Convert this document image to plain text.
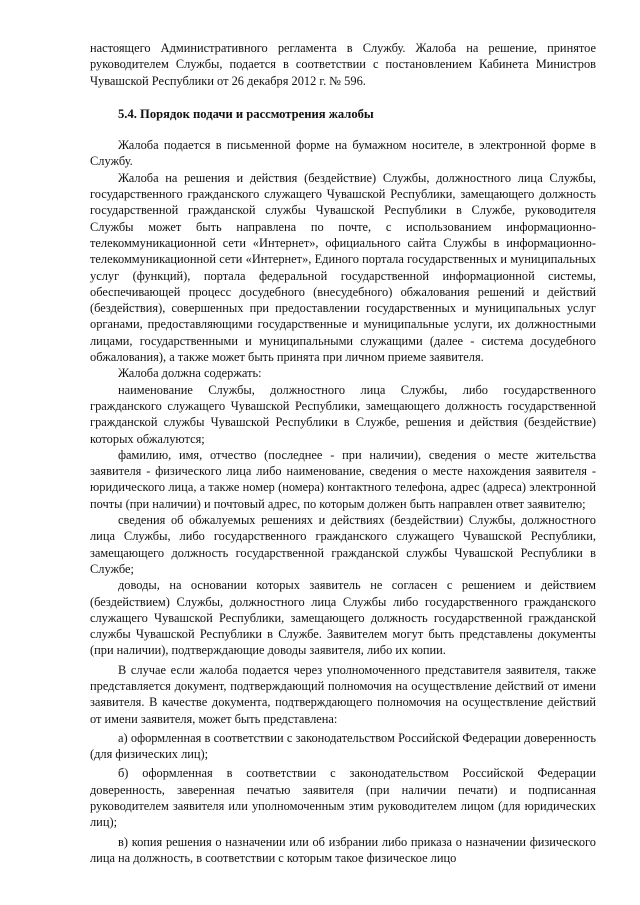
настоящего Административного регламента в Службу. Жалоба на решение, принятое руководителем Службы, подается в соответствии с постановлением Кабинета Министров Чувашской Республики от 26 декабря 2012 г. № 596.

5.4. Порядок подачи и рассмотрения жалобы

Жалоба подается в письменной форме на бумажном носителе, в электронной форме в Службу.

Жалоба на решения и действия (бездействие) Службы, должностного лица Службы, государственного гражданского служащего Чувашской Республики, замещающего должность государственной гражданской службы Чувашской Республики в Службе, руководителя Службы может быть направлена по почте, с использованием информационно-телекоммуникационной сети «Интернет», официального сайта Службы в информационно-телекоммуникационной сети «Интернет», Единого портала государственных и муниципальных услуг (функций), портала федеральной государственной информационной системы, обеспечивающей процесс досудебного (внесудебного) обжалования решений и действий (бездействия), совершенных при предоставлении государственных и муниципальных услуг органами, предоставляющими государственные и муниципальные услуги, их должностными лицами, государственными и муниципальными служащими (далее - система досудебного обжалования), а также может быть принята при личном приеме заявителя.

Жалоба должна содержать:

наименование Службы, должностного лица Службы, либо государственного гражданского служащего Чувашской Республики, замещающего должность государственной гражданской службы Чувашской Республики в Службе, решения и действия (бездействие) которых обжалуются;

фамилию, имя, отчество (последнее - при наличии), сведения о месте жительства заявителя - физического лица либо наименование, сведения о месте нахождения заявителя - юридического лица, а также номер (номера) контактного телефона, адрес (адреса) электронной почты (при наличии) и почтовый адрес, по которым должен быть направлен ответ заявителю;

сведения об обжалуемых решениях и действиях (бездействии) Службы, должностного лица Службы, либо государственного гражданского служащего Чувашской Республики, замещающего должность государственной гражданской службы Чувашской Республики в Службе;

доводы, на основании которых заявитель не согласен с решением и действием (бездействием) Службы, должностного лица Службы либо государственного гражданского служащего Чувашской Республики, замещающего должность государственной гражданской службы Чувашской Республики в Службе. Заявителем могут быть представлены документы (при наличии), подтверждающие доводы заявителя, либо их копии.

В случае если жалоба подается через уполномоченного представителя заявителя, также представляется документ, подтверждающий полномочия на осуществление действий от имени заявителя. В качестве документа, подтверждающего полномочия на осуществление действий от имени заявителя, может быть представлена:

а) оформленная в соответствии с законодательством Российской Федерации доверенность (для физических лиц);

б) оформленная в соответствии с законодательством Российской Федерации доверенность, заверенная печатью заявителя (при наличии печати) и подписанная руководителем заявителя или уполномоченным этим руководителем лицом (для юридических лиц);

в) копия решения о назначении или об избрании либо приказа о назначении физического лица на должность, в соответствии с которым такое физическое лицо
